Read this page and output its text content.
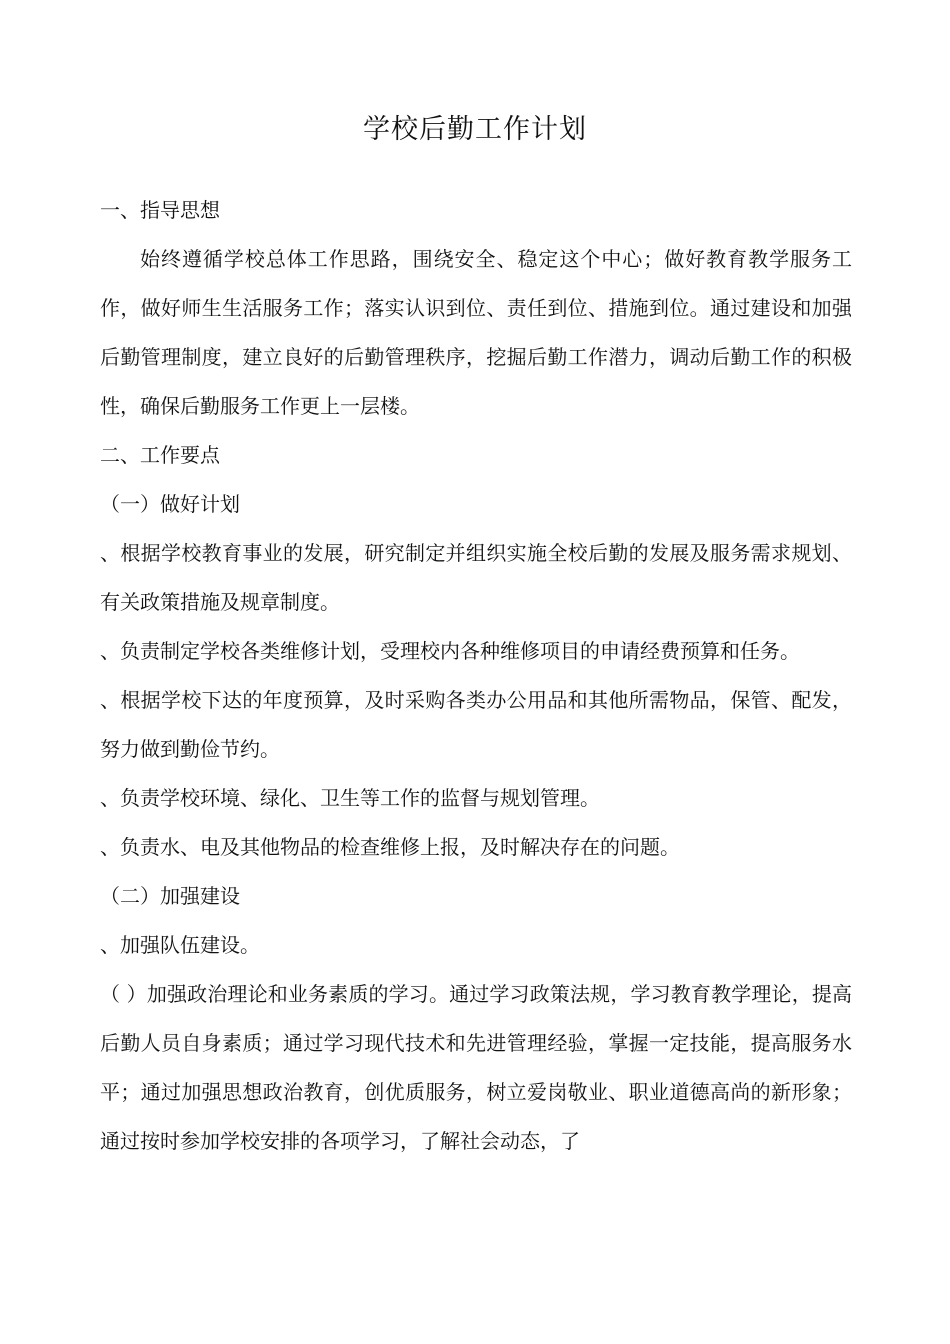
学校后勤工作计划

一、指导思想

始终遵循学校总体工作思路，围绕安全、稳定这个中心；做好教育教学服务工作，做好师生生活服务工作；落实认识到位、责任到位、措施到位。通过建设和加强后勤管理制度，建立良好的后勤管理秩序，挖掘后勤工作潜力，调动后勤工作的积极性，确保后勤服务工作更上一层楼。

二、工作要点

（一）做好计划

、根据学校教育事业的发展，研究制定并组织实施全校后勤的发展及服务需求规划、有关政策措施及规章制度。

、负责制定学校各类维修计划，受理校内各种维修项目的申请经费预算和任务。

、根据学校下达的年度预算，及时采购各类办公用品和其他所需物品，保管、配发，努力做到勤俭节约。

、负责学校环境、绿化、卫生等工作的监督与规划管理。

、负责水、电及其他物品的检查维修上报，及时解决存在的问题。

（二）加强建设

、加强队伍建设。

（ ）加强政治理论和业务素质的学习。通过学习政策法规，学习教育教学理论，提高后勤人员自身素质；通过学习现代技术和先进管理经验，掌握一定技能，提高服务水平；通过加强思想政治教育，创优质服务，树立爱岗敬业、职业道德高尚的新形象；通过按时参加学校安排的各项学习，了解社会动态，了
